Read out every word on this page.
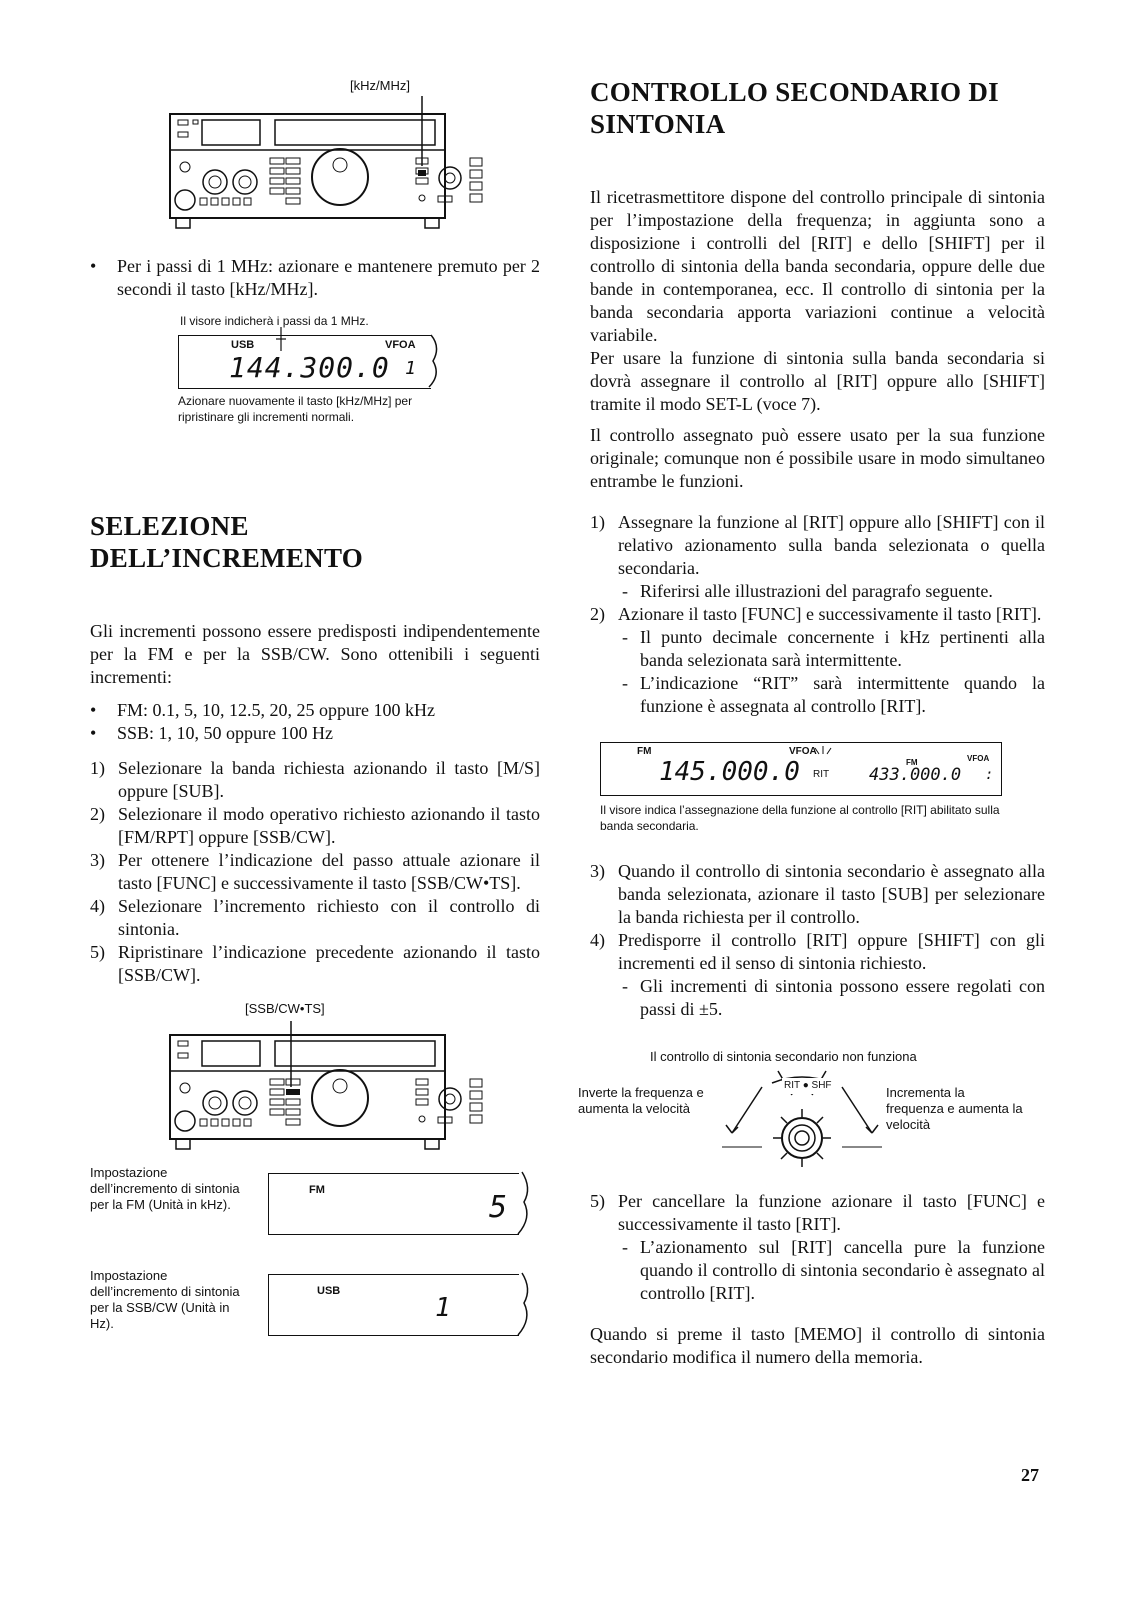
[kHz/MHz]
• Per i passi di 1 MHz: azionare e mantenere premuto per 2 secondi il tasto [kHz/MHz].
Il visore indicherà i passi da 1 MHz.
USB	VFOA
144.300.0 1
Azionare nuovamente il tasto [kHz/MHz] per ripristinare gli incrementi normali.
SELEZIONE
DELL’INCREMENTO

Gli incrementi possono essere predisposti indipendentemente per la FM e per la SSB/CW. Sono ottenibili i seguenti incrementi:

• FM: 0.1, 5, 10, 12.5, 20, 25 oppure 100 kHz
• SSB: 1, 10, 50 oppure 100 Hz
1) Selezionare la banda richiesta azionando il tasto [M/S] oppure [SUB].
2) Selezionare il modo operativo richiesto azionando il tasto [FM/RPT] oppure [SSB/CW].
3) Per ottenere l’indicazione del passo attuale azionare il tasto [FUNC] e successivamente il tasto [SSB/CW•TS].
4) Selezionare l’incremento richiesto con il controllo di sintonia.
5) Ripristinare l’indicazione precedente azionando il tasto [SSB/CW].
[SSB/CW•TS]
Impostazione dell’incremento di sintonia per la FM (Unità in kHz).
FM	5
Impostazione dell’incremento di sintonia per la SSB/CW (Unità in Hz).
USB
1
CONTROLLO SECONDARIO DI
SINTONIA

Il ricetrasmettitore dispone del controllo principale di sintonia per l’impostazione della frequenza; in aggiunta sono a disposizione i controlli del [RIT] e dello [SHIFT] per il controllo di sintonia della banda secondaria, oppure delle due bande in contemporanea, ecc. Il controllo di sintonia per la banda secondaria apporta variazioni continue a velocità variabile.

Per usare la funzione di sintonia sulla banda secondaria si dovrà assegnare il controllo al [RIT] oppure allo [SHIFT] tramite il modo SET-L (voce 7).

Il controllo assegnato può essere usato per la sua funzione originale; comunque non é possibile usare in modo simultaneo entrambe le funzioni.

1) Assegnare la funzione al [RIT] oppure allo [SHIFT] con il relativo azionamento sulla banda selezionata o quella secondaria.
- Riferirsi alle illustrazioni del paragrafo seguente.
2) Azionare il tasto [FUNC] e successivamente il tasto [RIT].
- Il punto decimale concernente i kHz pertinenti alla banda selezionata sarà intermittente.
- L’indicazione “RIT” sarà intermittente quando la funzione è assegnata al controllo [RIT].
FM	VFOA
145.000.0 RIT
FM	VFOA
433.000.0 :
Il visore indica l’assegnazione della funzione al controllo [RIT] abilitato sulla banda secondaria.
3) Quando il controllo di sintonia secondario è assegnato alla banda selezionata, azionare il tasto [SUB] per selezionare la banda richiesta per il controllo.
4) Predisporre il controllo [RIT] oppure [SHIFT] con gli incrementi ed il senso di sintonia richiesto.
- Gli incrementi di sintonia possono essere regolati con passi di ±5.
Il controllo di sintonia secondario non funziona
Inverte la frequenza e aumenta la velocità
Incrementa la frequenza e aumenta la velocità
RIT ● SHF
5) Per cancellare la funzione azionare il tasto [FUNC] e successivamente il tasto [RIT].
- L’azionamento sul [RIT] cancella pure la funzione quando il controllo di sintonia secondario è assegnato al controllo [RIT].

Quando si preme il tasto [MEMO] il controllo di sintonia secondario modifica il numero della memoria.

27
